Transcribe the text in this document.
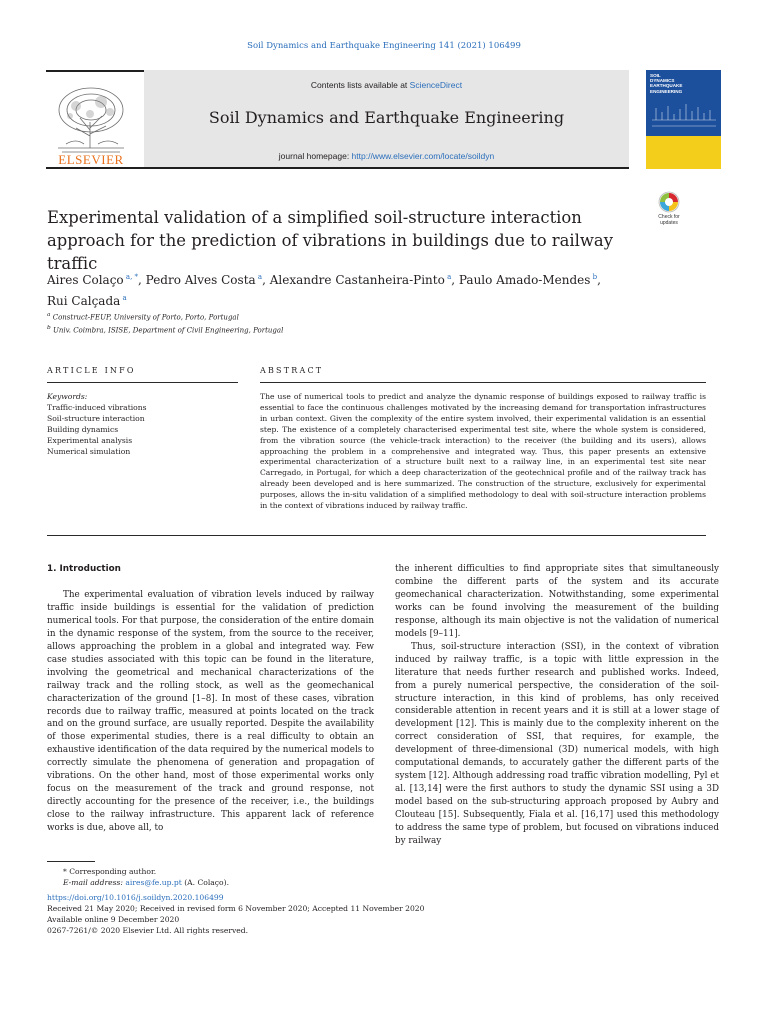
Soil Dynamics and Earthquake Engineering 141 (2021) 106499
ELSEVIER
Contents lists available at ScienceDirect
Soil Dynamics and Earthquake Engineering
journal homepage: http://www.elsevier.com/locate/soildyn
SOIL
DYNAMICS
EARTHQUAKE
ENGINEERING
Experimental validation of a simplified soil-structure interaction approach for the prediction of vibrations in buildings due to railway traffic
Check for
updates
Aires Colaço $^{a, *}$, Pedro Alves Costa $^a$, Alexandre Castanheira-Pinto $^a$, Paulo Amado-Mendes $^b$,
Rui Calçada $^a$
$^a$ Construct-FEUP, University of Porto, Porto, Portugal
$^b$ Univ. Coimbra, ISISE, Department of Civil Engineering, Portugal
ARTICLE INFO	ABSTRACT
Keywords:
Traffic-induced vibrations
Soil-structure interaction
Building dynamics
Experimental analysis
Numerical simulation
The use of numerical tools to predict and analyze the dynamic response of buildings exposed to railway traffic is essential to face the continuous challenges motivated by the increasing demand for transportation infrastructures in urban context. Given the complexity of the entire system involved, their experimental validation is an essential step. The existence of a completely characterised experimental test site, where the whole system is considered, from the vibration source (the vehicle-track interaction) to the receiver (the building and its users), allows approaching the problem in a comprehensive and integrated way. Thus, this paper presents an extensive experimental characterization of a structure built next to a railway line, in an experimental test site near Carregado, in Portugal, for which a deep characterization of the geotechnical profile and of the railway track has already been developed and is here summarized. The construction of the structure, exclusively for experimental purposes, allows the in-situ validation of a simplified methodology to deal with soil-structure interaction problems in the context of vibrations induced by railway traffic.
1. Introduction

The experimental evaluation of vibration levels induced by railway traffic inside buildings is essential for the validation of prediction numerical tools. For that purpose, the consideration of the entire domain in the dynamic response of the system, from the source to the receiver, allows approaching the problem in a global and integrated way. Few case studies associated with this topic can be found in the literature, involving the geometrical and mechanical characterizations of the railway track and the rolling stock, as well as the geomechanical characterization of the ground [1–8]. In most of these cases, vibration records due to railway traffic, measured at points located on the track and on the ground surface, are usually reported. Despite the availability of those experimental studies, there is a real difficulty to obtain an exhaustive identification of the data required by the numerical models to correctly simulate the phenomena of generation and propagation of vibrations. On the other hand, most of those experimental works only focus on the measurement of the track and ground response, not directly accounting for the presence of the receiver, i.e., the buildings close to the railway infrastructure. This apparent lack of reference works is due, above all, to

the inherent difficulties to find appropriate sites that simultaneously combine the different parts of the system and its accurate geomechanical characterization. Notwithstanding, some experimental works can be found involving the measurement of the building response, although its main objective is not the validation of numerical models [9–11].

Thus, soil-structure interaction (SSI), in the context of vibration induced by railway traffic, is a topic with little expression in the literature that needs further research and published works. Indeed, from a purely numerical perspective, the consideration of the soil-structure interaction, in this kind of problems, has only received considerable attention in recent years and it is still at a lower stage of development [12]. This is mainly due to the complexity inherent on the correct consideration of SSI, that requires, for example, the development of three-dimensional (3D) numerical models, with high computational demands, to accurately gather the different parts of the system [12]. Although addressing road traffic vibration modelling, Pyl et al. [13,14] were the first authors to study the dynamic SSI using a 3D model based on the sub-structuring approach proposed by Aubry and Clouteau [15]. Subsequently, Fiala et al. [16,17] used this methodology to address the same type of problem, but focused on vibrations induced by railway

* Corresponding author.
E-mail address: aires@fe.up.pt (A. Colaço).
https://doi.org/10.1016/j.soildyn.2020.106499
Received 21 May 2020; Received in revised form 6 November 2020; Accepted 11 November 2020
Available online 9 December 2020
0267-7261/© 2020 Elsevier Ltd. All rights reserved.
